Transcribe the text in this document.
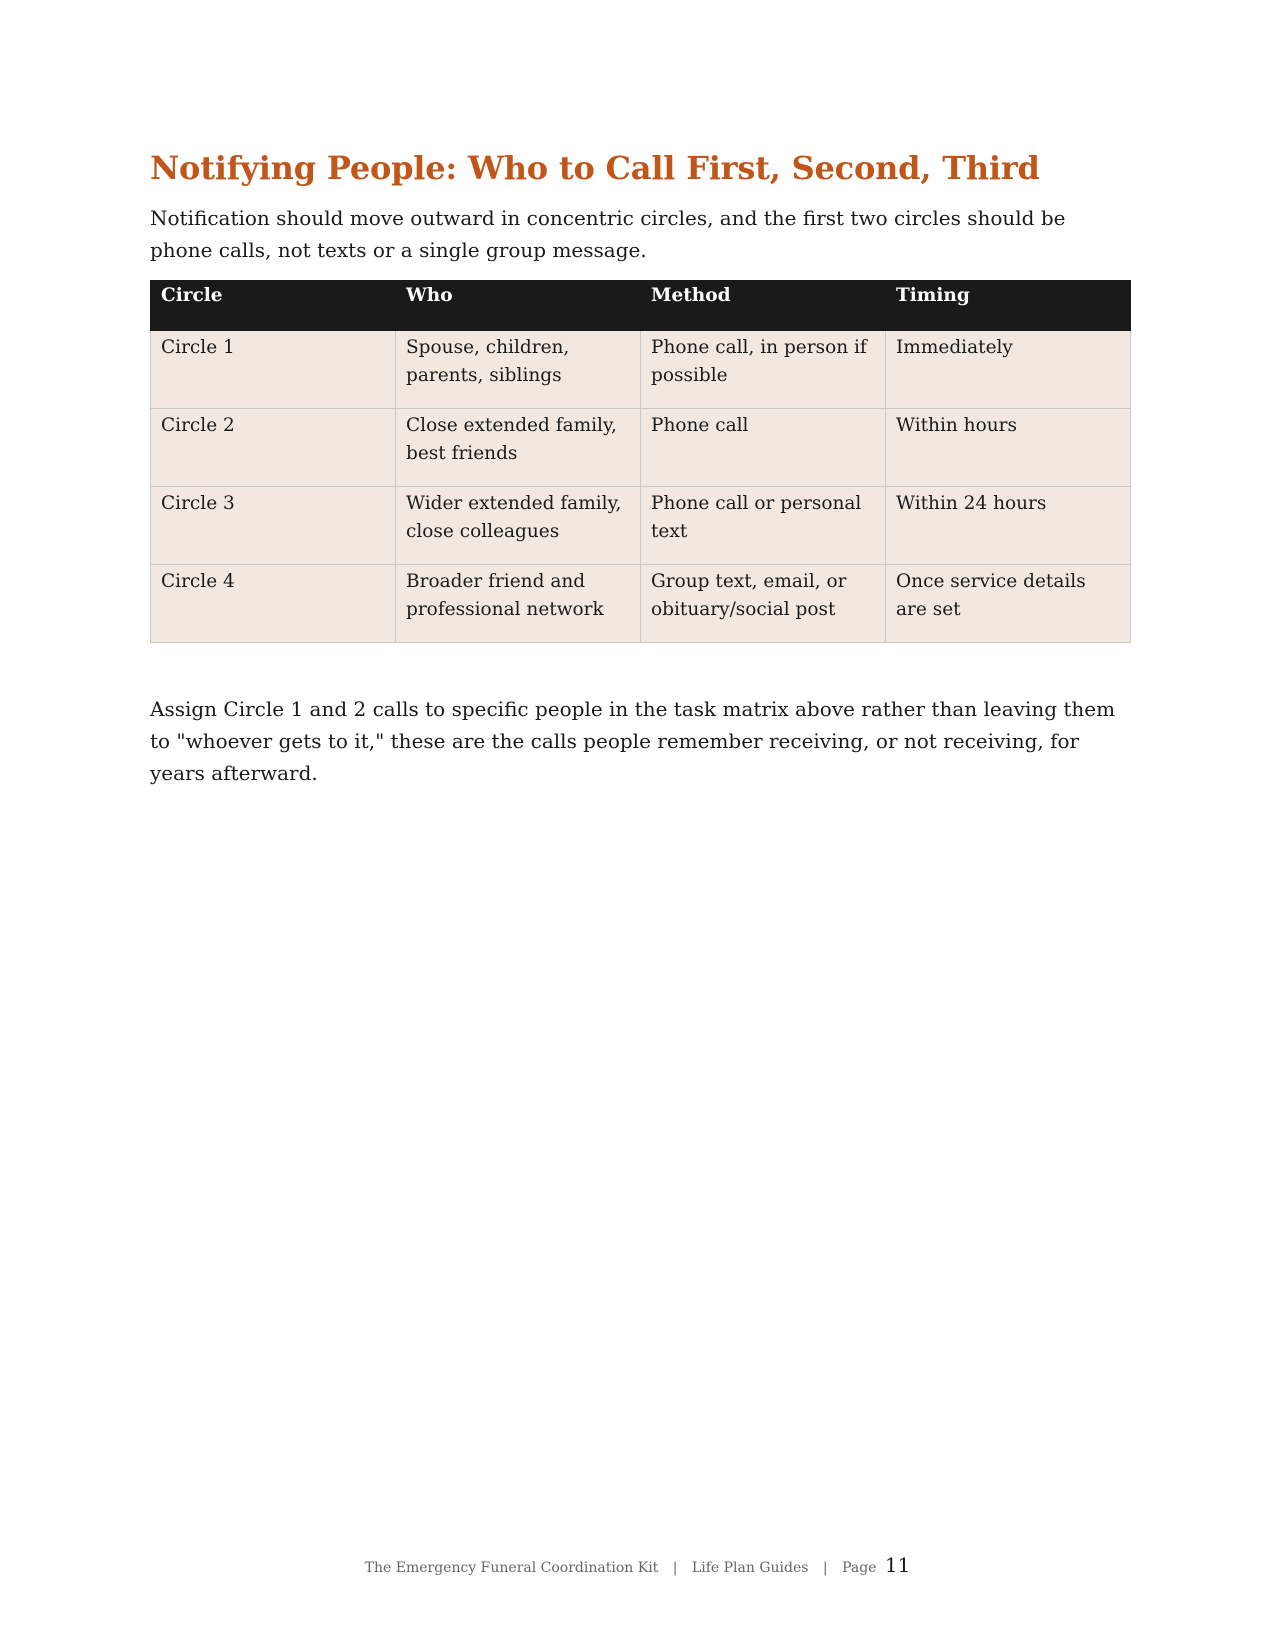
Notifying People: Who to Call First, Second, Third

Notification should move outward in concentric circles, and the first two circles should be phone calls, not texts or a single group message.

Circle	Who	Method	Timing
Circle 1	Spouse, children, parents, siblings	Phone call, in person if possible	Immediately
Circle 2	Close extended family, best friends	Phone call	Within hours
Circle 3	Wider extended family, close colleagues	Phone call or personal text	Within 24 hours
Circle 4	Broader friend and professional network	Group text, email, or obituary/social post	Once service details are set

Assign Circle 1 and 2 calls to specific people in the task matrix above rather than leaving them to "whoever gets to it," these are the calls people remember receiving, or not receiving, for years afterward.

The Emergency Funeral Coordination Kit | Life Plan Guides | Page 11
